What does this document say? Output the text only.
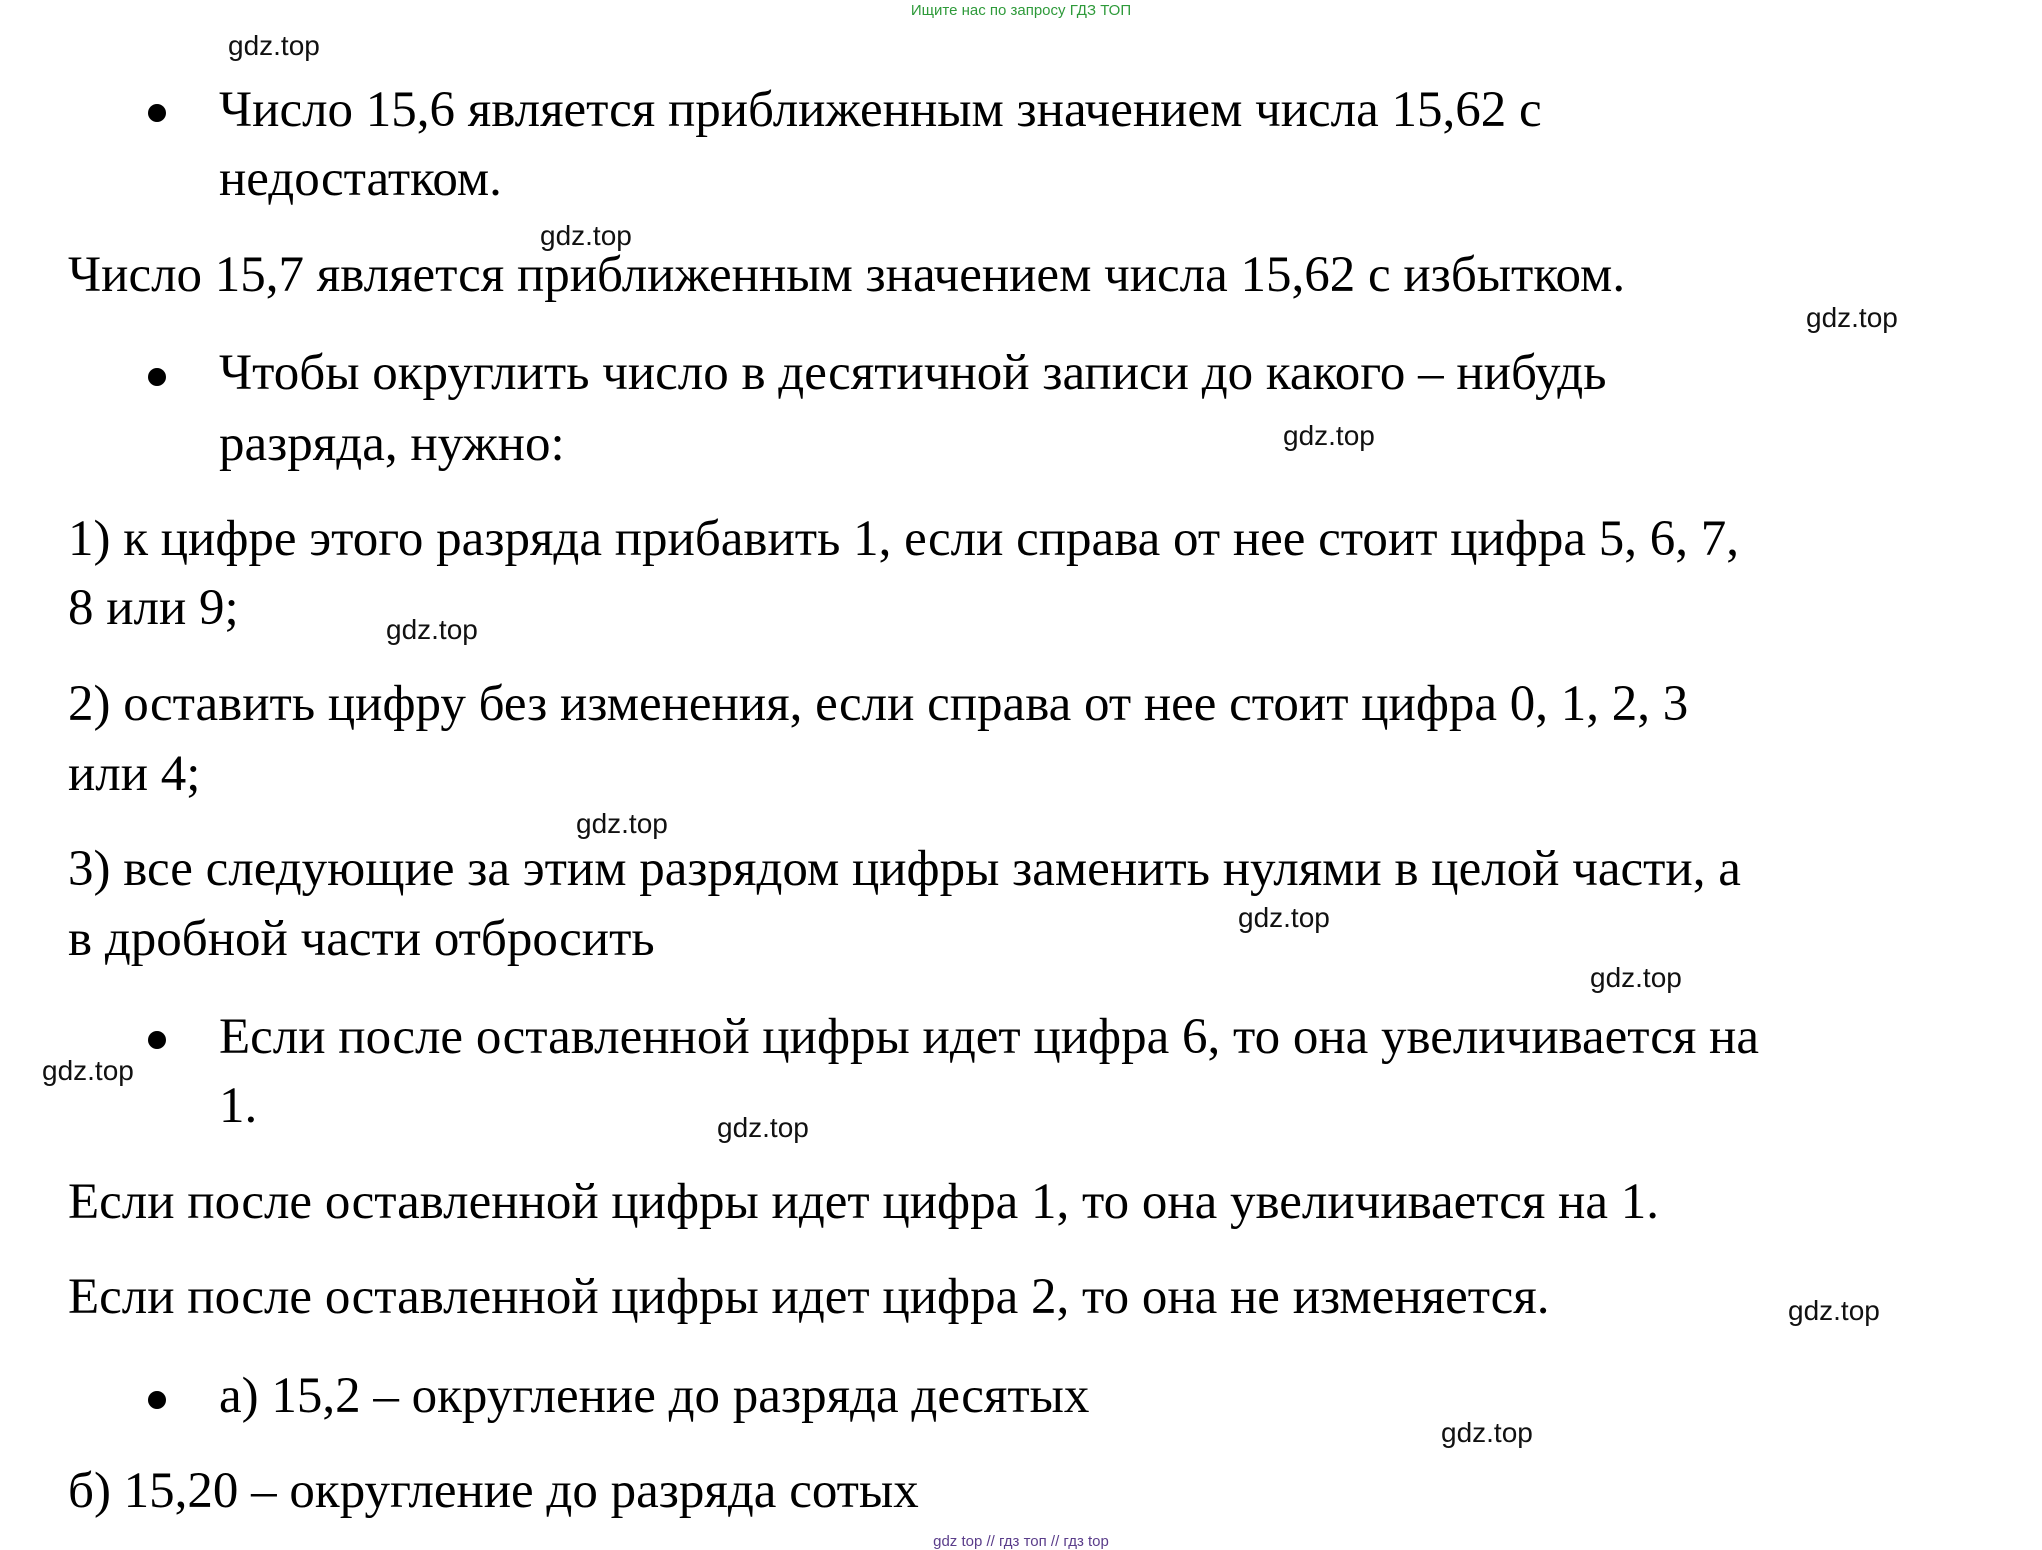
Ищите нас по запросу ГДЗ ТОП
gdz.top
gdz.top
gdz.top
gdz.top
gdz.top
gdz.top
gdz.top
gdz.top
gdz.top
gdz.top
gdz.top
gdz.top
Число 15,6 является приближенным значением числа 15,62 с
недостатком.
Число 15,7 является приближенным значением числа 15,62 с избытком.
Чтобы округлить число в десятичной записи до какого – нибудь
разряда, нужно:
1) к цифре этого разряда прибавить 1, если справа от нее стоит цифра 5, 6, 7,
8 или 9;
2) оставить цифру без изменения, если справа от нее стоит цифра 0, 1, 2, 3
или 4;
3) все следующие за этим разрядом цифры заменить нулями в целой части, а
в дробной части отбросить
Если после оставленной цифры идет цифра 6, то она увеличивается на
1.
Если после оставленной цифры идет цифра 1, то она увеличивается на 1.
Если после оставленной цифры идет цифра 2, то она не изменяется.
а) 15,2 – округление до разряда десятых
б) 15,20 – округление до разряда сотых
gdz top // гдз топ // гдз top
